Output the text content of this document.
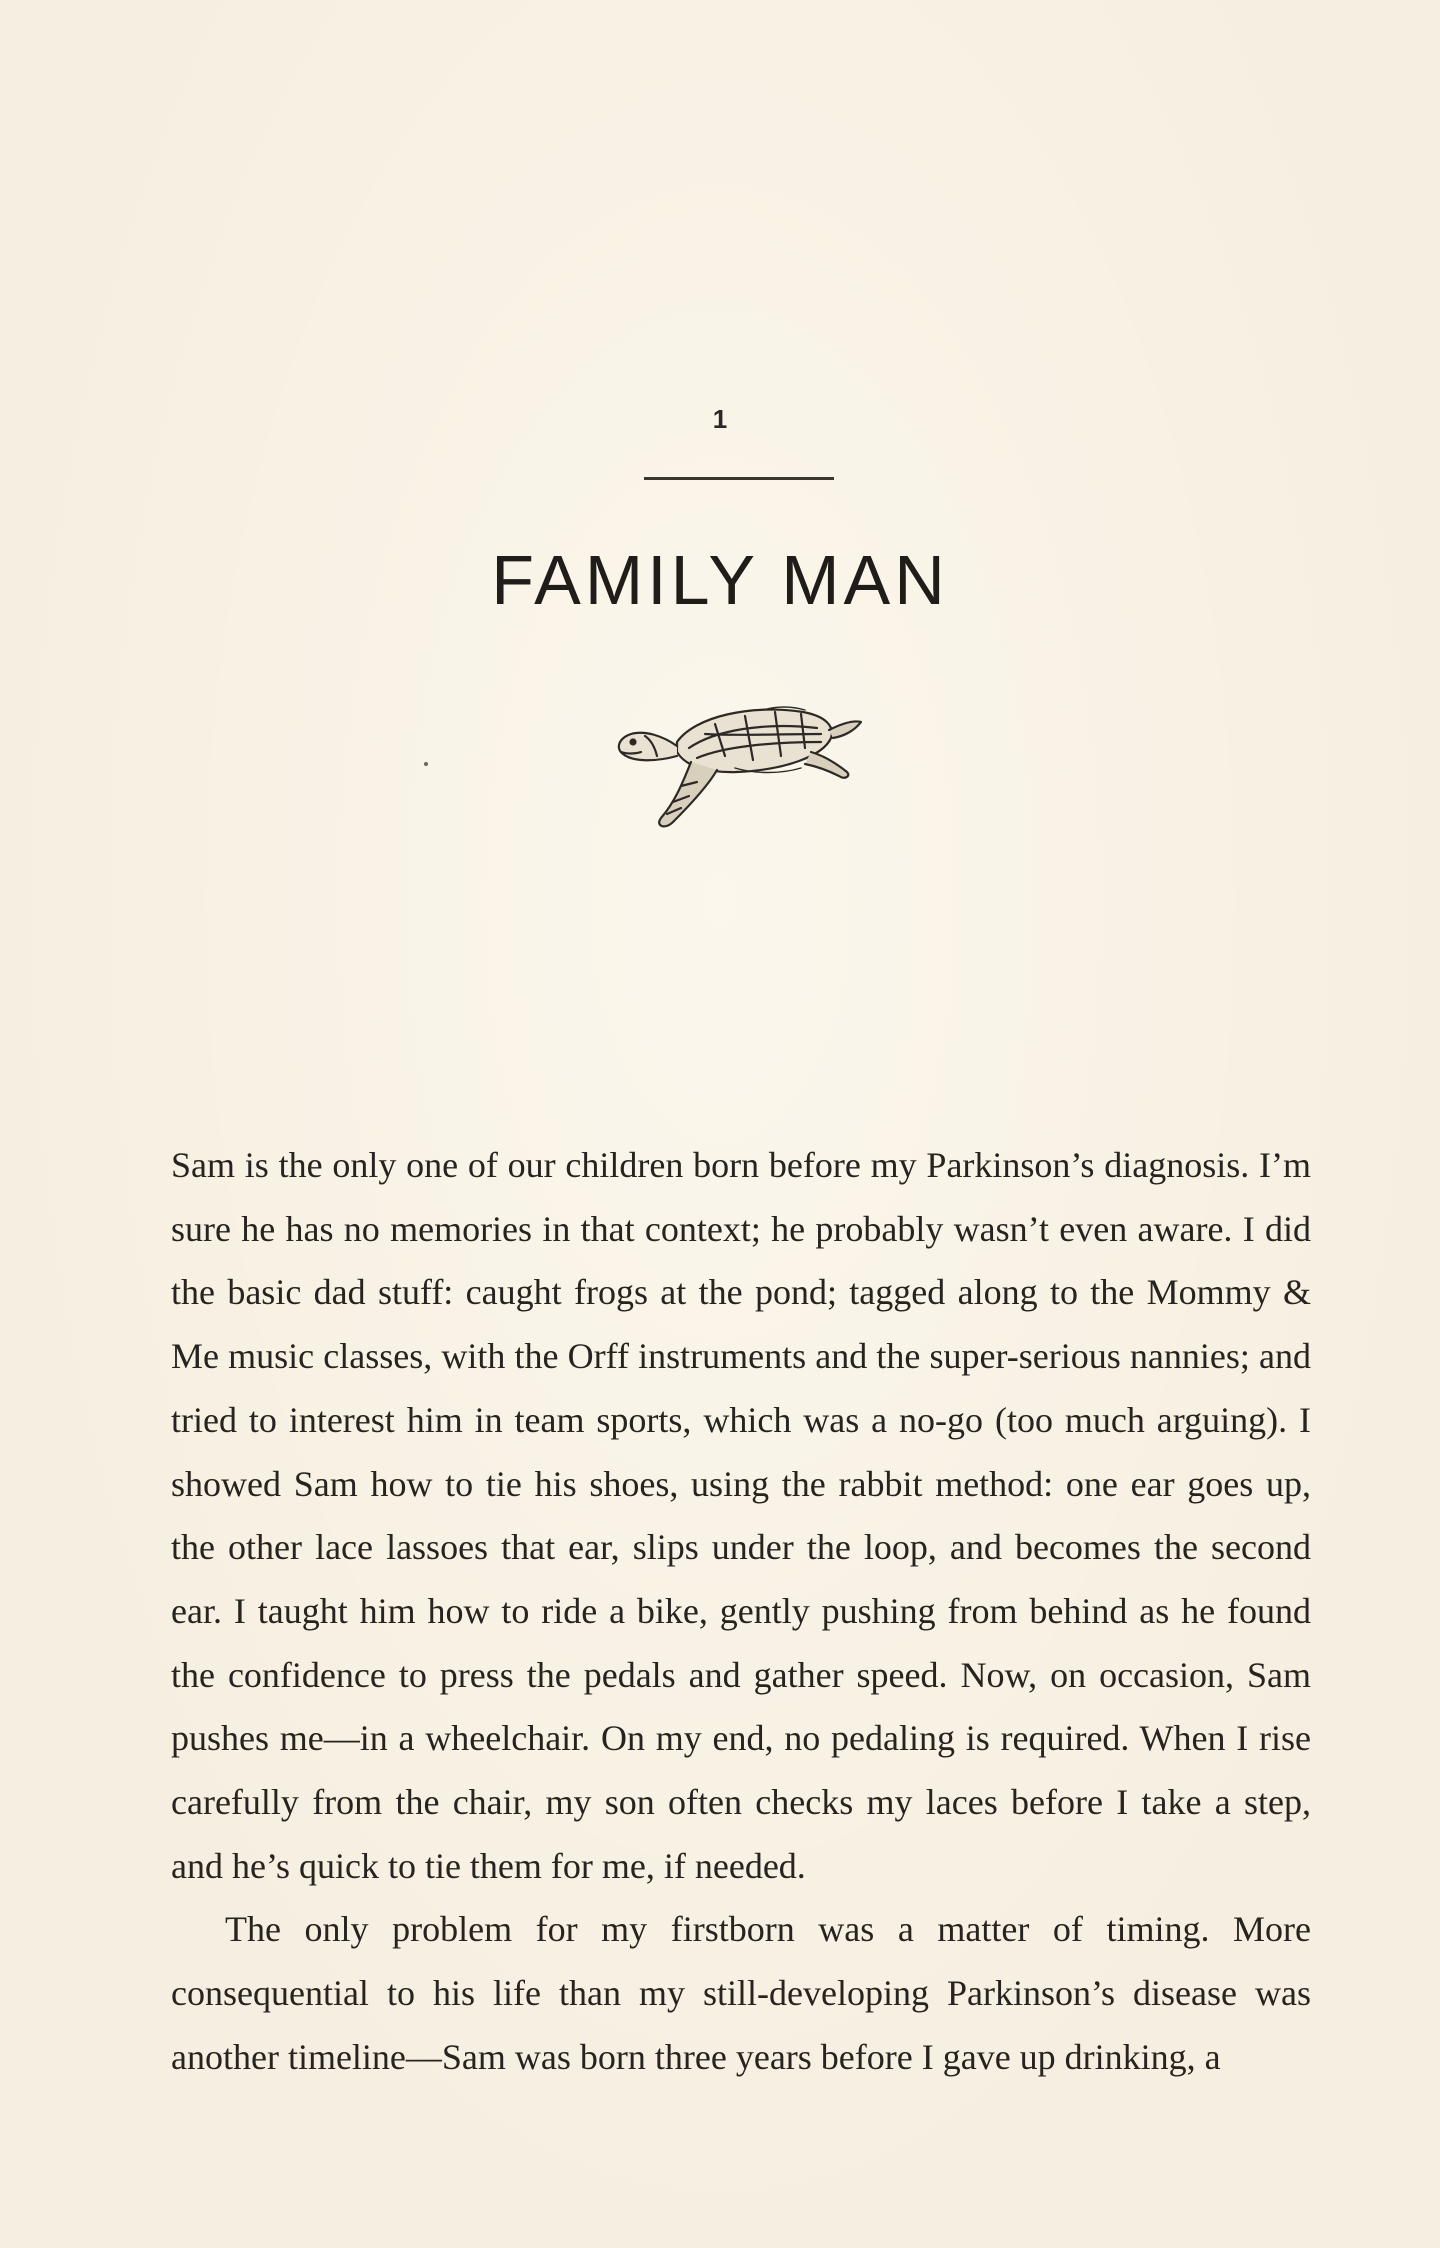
1
FAMILY MAN

Sam is the only one of our children born before my Parkinson’s diagnosis. I’m sure he has no memories in that context; he probably wasn’t even aware. I did the basic dad stuff: caught frogs at the pond; tagged along to the Mommy & Me music classes, with the Orff instruments and the super-serious nannies; and tried to interest him in team sports, which was a no-go (too much arguing). I showed Sam how to tie his shoes, using the rabbit method: one ear goes up, the other lace lassoes that ear, slips under the loop, and becomes the second ear. I taught him how to ride a bike, gently pushing from behind as he found the confidence to press the pedals and gather speed. Now, on occasion, Sam pushes me—in a wheelchair. On my end, no pedaling is required. When I rise carefully from the chair, my son often checks my laces before I take a step, and he’s quick to tie them for me, if needed.

The only problem for my firstborn was a matter of timing. More consequential to his life than my still-developing Parkinson’s disease was another timeline—Sam was born three years before I gave up drinking, a
